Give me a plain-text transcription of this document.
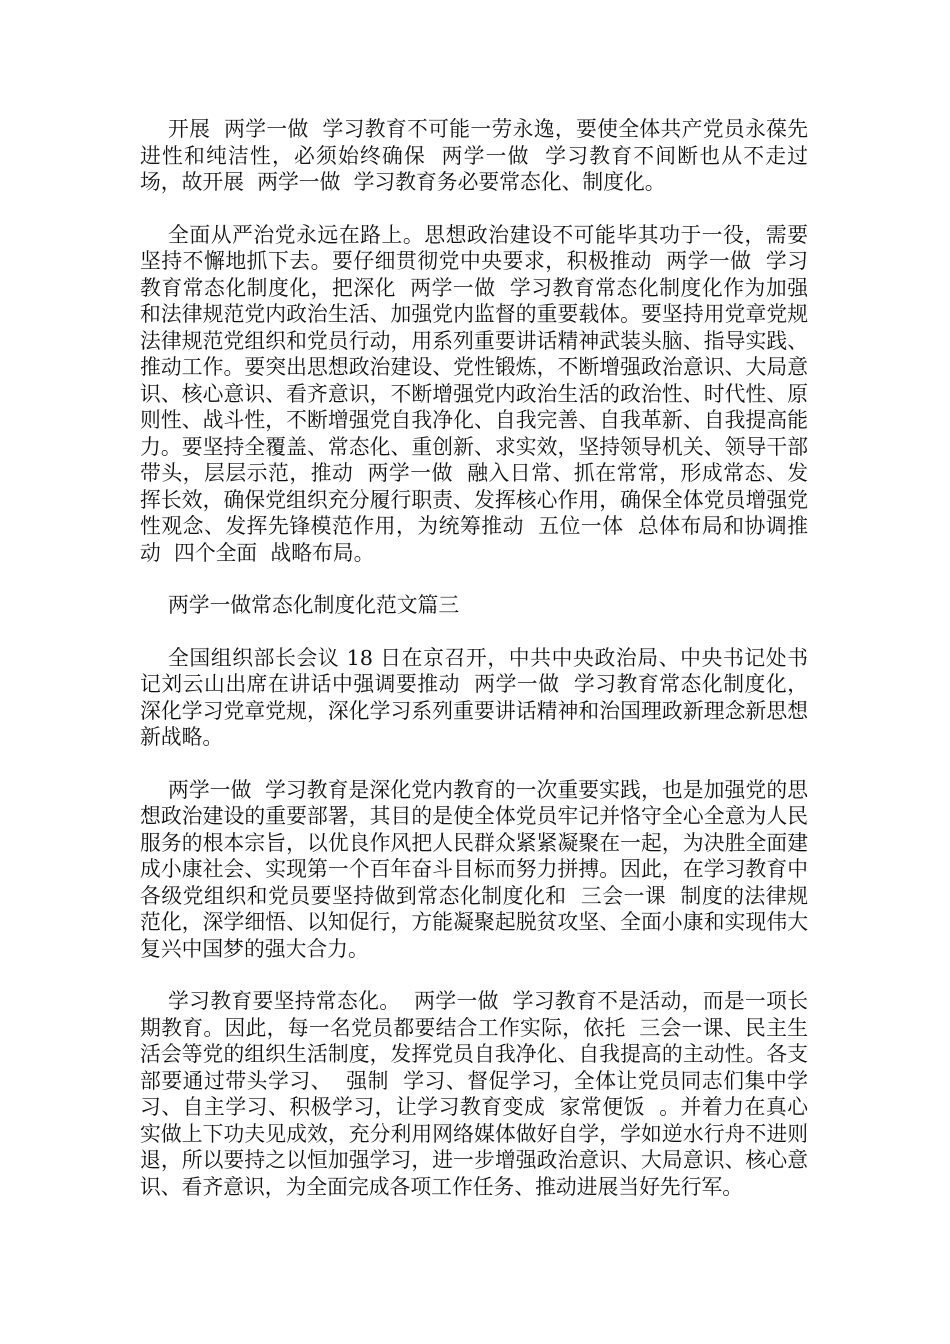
开展  两学一做  学习教育不可能一劳永逸，要使全体共产党员永葆先进性和纯洁性，必须始终确保  两学一做  学习教育不间断也从不走过场，故开展  两学一做  学习教育务必要常态化、制度化。

全面从严治党永远在路上。思想政治建设不可能毕其功于一役，需要坚持不懈地抓下去。要仔细贯彻党中央要求，积极推动  两学一做  学习教育常态化制度化，把深化  两学一做  学习教育常态化制度化作为加强和法律规范党内政治生活、加强党内监督的重要载体。要坚持用党章党规法律规范党组织和党员行动，用系列重要讲话精神武装头脑、指导实践、推动工作。要突出思想政治建设、党性锻炼，不断增强政治意识、大局意识、核心意识、看齐意识，不断增强党内政治生活的政治性、时代性、原则性、战斗性，不断增强党自我净化、自我完善、自我革新、自我提高能力。要坚持全覆盖、常态化、重创新、求实效，坚持领导机关、领导干部带头，层层示范，推动  两学一做  融入日常、抓在常常，形成常态、发挥长效，确保党组织充分履行职责、发挥核心作用，确保全体党员增强党性观念、发挥先锋模范作用，为统筹推动  五位一体  总体布局和协调推动  四个全面  战略布局。

两学一做常态化制度化范文篇三

全国组织部长会议 18 日在京召开，中共中央政治局、中央书记处书记刘云山出席在讲话中强调要推动  两学一做  学习教育常态化制度化，深化学习党章党规，深化学习系列重要讲话精神和治国理政新理念新思想新战略。

两学一做  学习教育是深化党内教育的一次重要实践，也是加强党的思想政治建设的重要部署，其目的是使全体党员牢记并恪守全心全意为人民服务的根本宗旨，以优良作风把人民群众紧紧凝聚在一起，为决胜全面建成小康社会、实现第一个百年奋斗目标而努力拼搏。因此，在学习教育中各级党组织和党员要坚持做到常态化制度化和  三会一课  制度的法律规范化，深学细悟、以知促行，方能凝聚起脱贫攻坚、全面小康和实现伟大复兴中国梦的强大合力。

学习教育要坚持常态化。  两学一做  学习教育不是活动，而是一项长期教育。因此，每一名党员都要结合工作实际，依托  三会一课、民主生活会等党的组织生活制度，发挥党员自我净化、自我提高的主动性。各支部要通过带头学习、  强制  学习、督促学习，全体让党员同志们集中学习、自主学习、积极学习，让学习教育变成  家常便饭  。并着力在真心实做上下功夫见成效，充分利用网络媒体做好自学，学如逆水行舟不进则退，所以要持之以恒加强学习，进一步增强政治意识、大局意识、核心意识、看齐意识，为全面完成各项工作任务、推动进展当好先行军。
